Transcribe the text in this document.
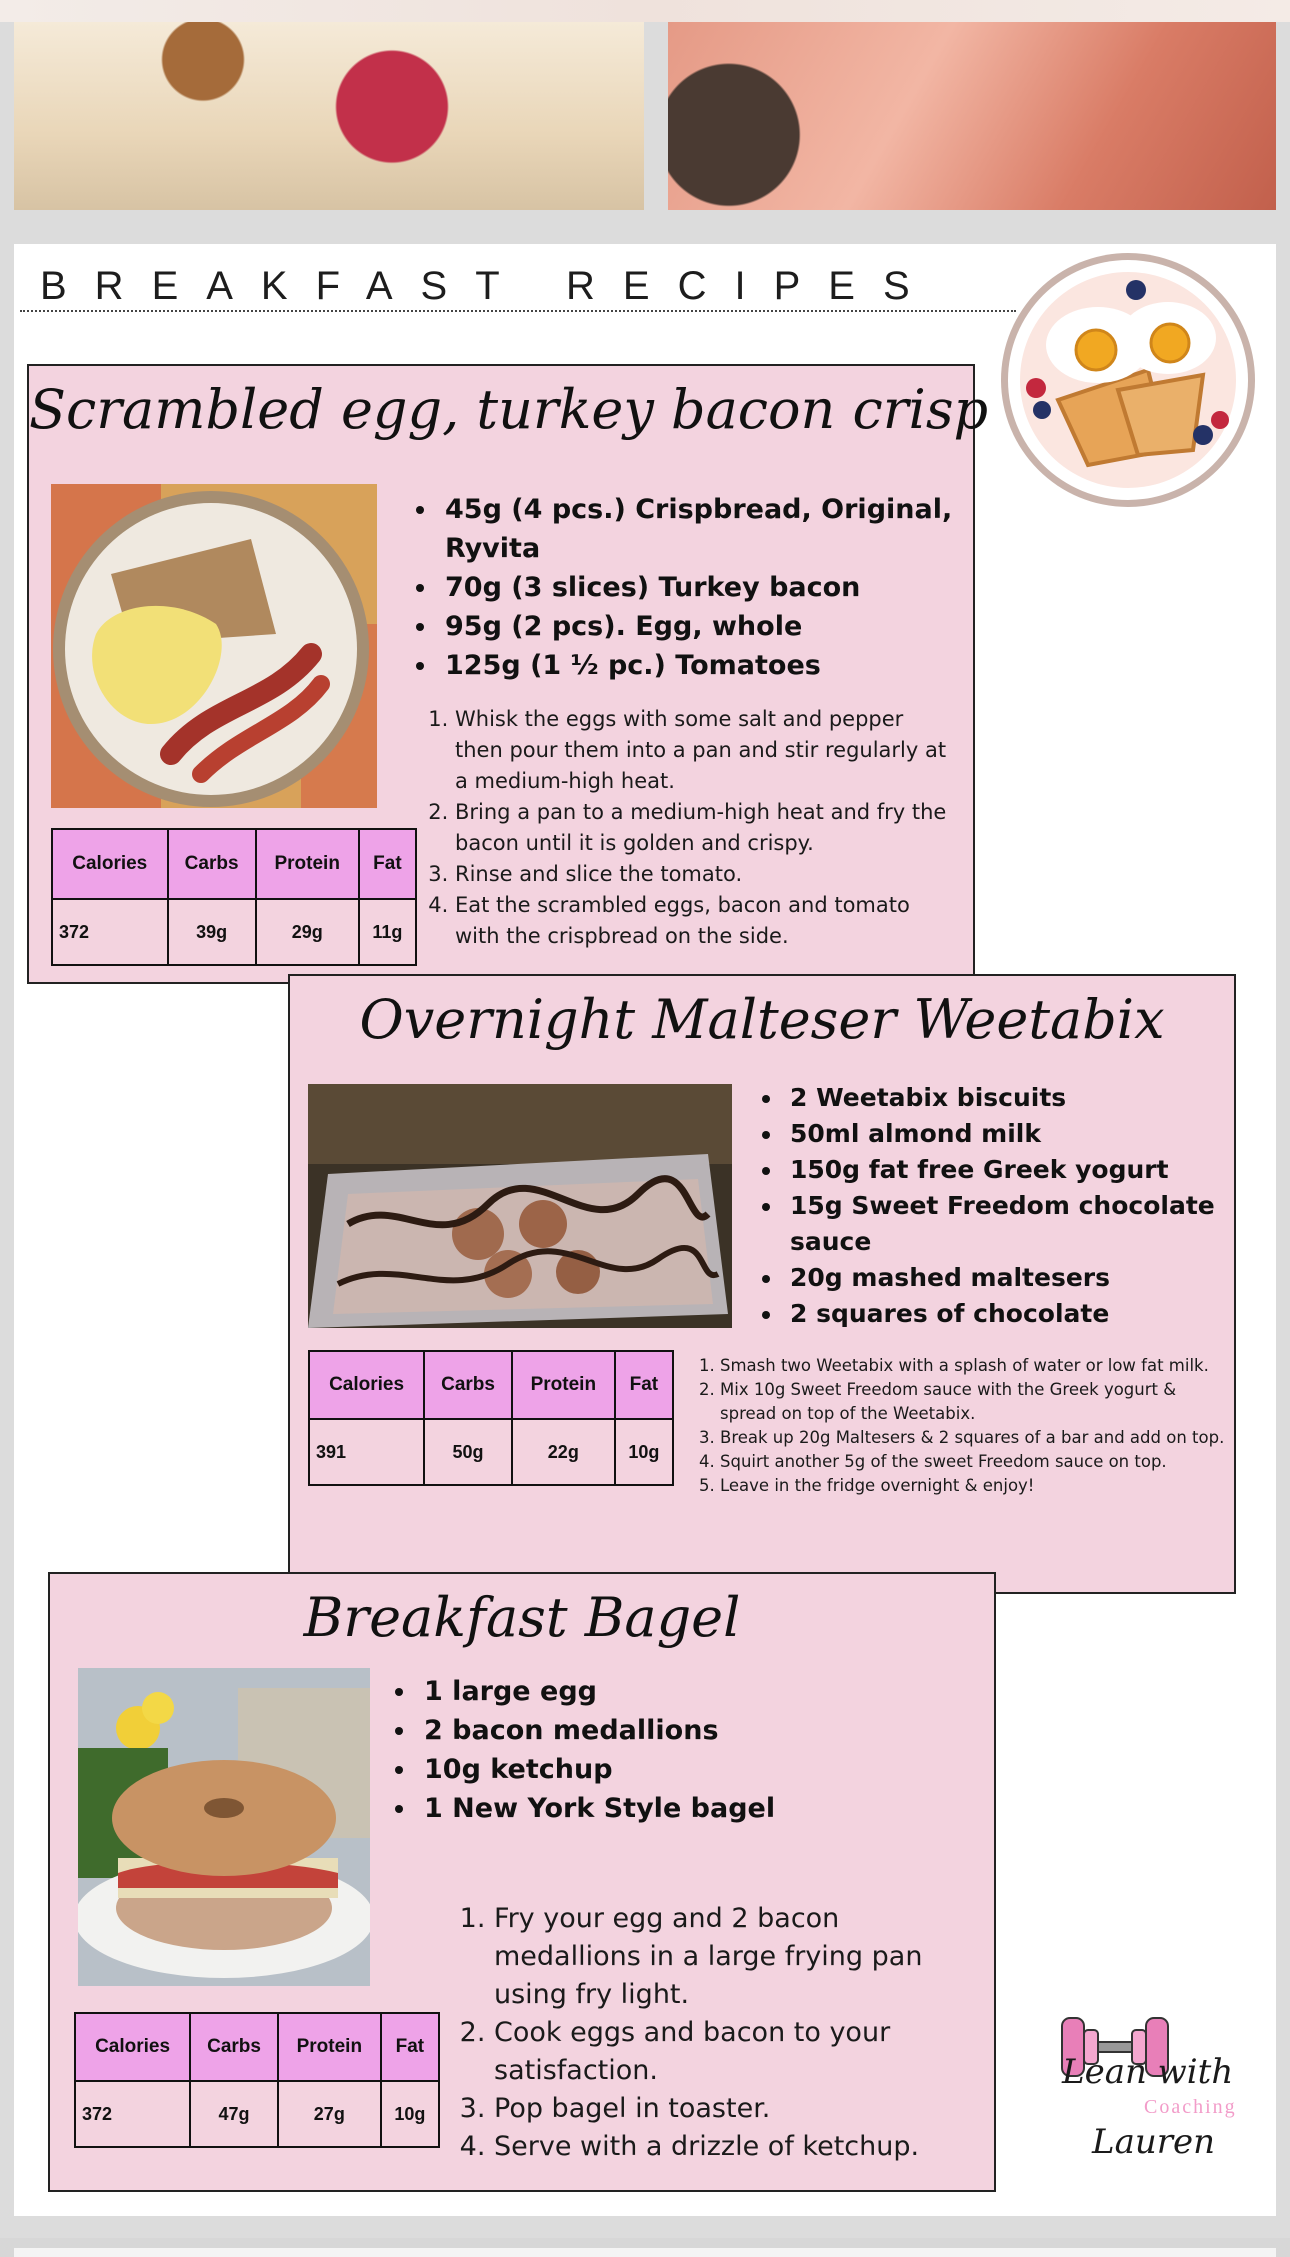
BREAKFAST RECIPES
Scrambled egg, turkey bacon crisp
• 45g (4 pcs.) Crispbread, Original, Ryvita
• 70g (3 slices) Turkey bacon
• 95g (2 pcs). Egg, whole
• 125g (1 ½ pc.) Tomatoes
1. Whisk the eggs with some salt and pepper then pour them into a pan and stir regularly at a medium-high heat.
2. Bring a pan to a medium-high heat and fry the bacon until it is golden and crispy.
3. Rinse and slice the tomato.
4. Eat the scrambled eggs, bacon and tomato with the crispbread on the side.
Calories	Carbs	Protein	Fat
372	39g	29g	11g
Overnight Malteser Weetabix
• 2 Weetabix biscuits
• 50ml almond milk
• 150g fat free Greek yogurt
• 15g Sweet Freedom chocolate sauce
• 20g mashed maltesers
• 2 squares of chocolate
1. Smash two Weetabix with a splash of water or low fat milk.
2. Mix 10g Sweet Freedom sauce with the Greek yogurt & spread on top of the Weetabix.
3. Break up 20g Maltesers & 2 squares of a bar and add on top.
4. Squirt another 5g of the sweet Freedom sauce on top.
5. Leave in the fridge overnight & enjoy!
Calories	Carbs	Protein	Fat
391	50g	22g	10g
Breakfast Bagel
• 1 large egg
• 2 bacon medallions
• 10g ketchup
• 1 New York Style bagel
1. Fry your egg and 2 bacon medallions in a large frying pan using fry light.
2. Cook eggs and bacon to your satisfaction.
3. Pop bagel in toaster.
4. Serve with a drizzle of ketchup.
Calories	Carbs	Protein	Fat
372	47g	27g	10g
Lean with
Coaching
Lauren
